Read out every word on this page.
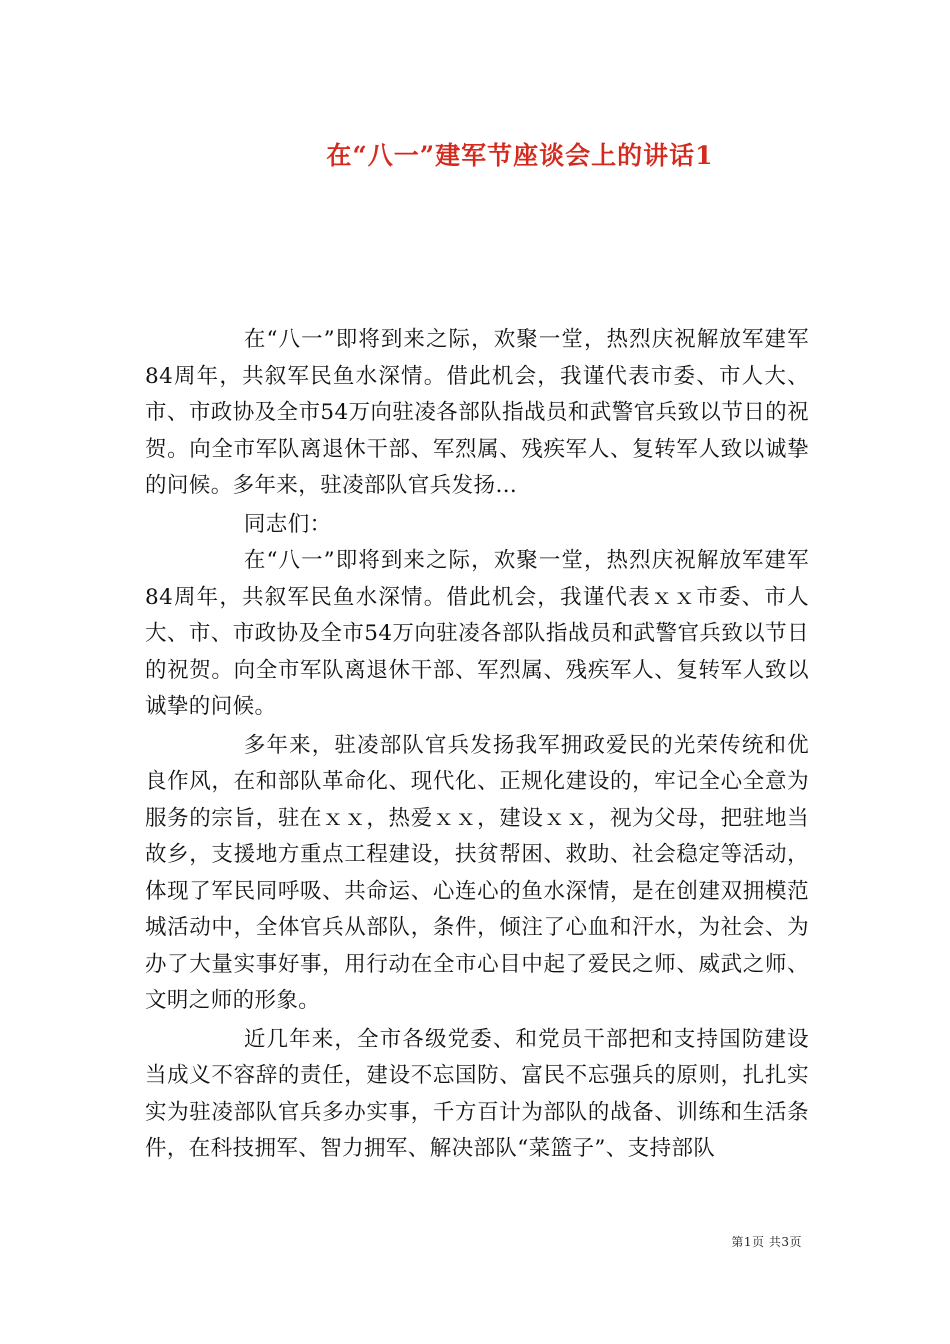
在“八一”建军节座谈会上的讲话1

在“八一”即将到来之际，欢聚一堂，热烈庆祝解放军建军84周年，共叙军民鱼水深情。借此机会，我谨代表市委、市人大、市、市政协及全市54万向驻凌各部队指战员和武警官兵致以节日的祝贺。向全市军队离退休干部、军烈属、残疾军人、复转军人致以诚挚的问候。多年来，驻凌部队官兵发扬…

同志们：

在“八一”即将到来之际，欢聚一堂，热烈庆祝解放军建军84周年，共叙军民鱼水深情。借此机会，我谨代表ｘｘ市委、市人大、市、市政协及全市54万向驻凌各部队指战员和武警官兵致以节日的祝贺。向全市军队离退休干部、军烈属、残疾军人、复转军人致以诚挚的问候。

多年来，驻凌部队官兵发扬我军拥政爱民的光荣传统和优良作风，在和部队革命化、现代化、正规化建设的，牢记全心全意为服务的宗旨，驻在ｘｘ，热爱ｘｘ，建设ｘｘ，视为父母，把驻地当故乡，支援地方重点工程建设，扶贫帮困、救助、社会稳定等活动，体现了军民同呼吸、共命运、心连心的鱼水深情，是在创建双拥模范城活动中，全体官兵从部队，条件，倾注了心血和汗水，为社会、为办了大量实事好事，用行动在全市心目中起了爱民之师、威武之师、文明之师的形象。

近几年来，全市各级党委、和党员干部把和支持国防建设当成义不容辞的责任，建设不忘国防、富民不忘强兵的原则，扎扎实实为驻凌部队官兵多办实事，千方百计为部队的战备、训练和生活条件，在科技拥军、智力拥军、解决部队“菜篮子”、支持部队

第1页 共3页
